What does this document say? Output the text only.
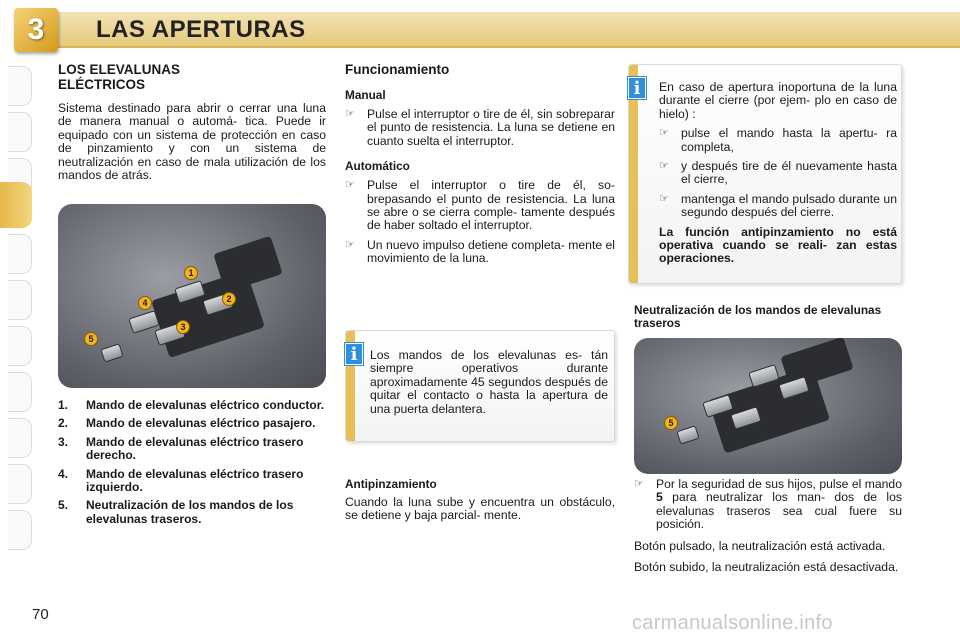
3	LAS APERTURAS
LOS ELEVALUNAS
ELÉCTRICOS

Sistema destinado para abrir o cerrar una luna de manera manual o automá- tica. Puede ir equipado con un sistema de protección en caso de pinzamiento y con un sistema de neutralización en caso de mala utilización de los mandos de atrás.

1
2
3
4
5
1.	Mando de elevalunas eléctrico conductor.
2.	Mando de elevalunas eléctrico pasajero.
3.	Mando de elevalunas eléctrico trasero derecho.
4.	Mando de elevalunas eléctrico trasero izquierdo.
5.	Neutralización de los mandos de los elevalunas traseros.
Funcionamiento
Manual
☞ Pulse el interruptor o tire de él, sin sobreparar el punto de resistencia. La luna se detiene en cuanto suelta el interruptor.
Automático
☞ Pulse el interruptor o tire de él, so- brepasando el punto de resistencia. La luna se abre o se cierra comple- tamente después de haber soltado el interruptor.
☞ Un nuevo impulso detiene completa- mente el movimiento de la luna.

Los mandos de los elevalunas es- tán siempre operativos durante aproximadamente 45 segundos después de quitar el contacto o hasta la apertura de una puerta delantera.

i
Antipinzamiento

Cuando la luna sube y encuentra un obstáculo, se detiene y baja parcial- mente.

En caso de apertura inoportuna de la luna durante el cierre (por ejem- plo en caso de hielo) :

☞ pulse el mando hasta la apertu- ra completa,
☞ y después tire de él nuevamente hasta el cierre,
☞ mantenga el mando pulsado durante un segundo después del cierre.

La función antipinzamiento no está operativa cuando se reali- zan estas operaciones.

i
Neutralización de los mandos de elevalunas traseros
5
☞ Por la seguridad de sus hijos, pulse el mando 5 para neutralizar los man- dos de los elevalunas traseros sea cual fuere su posición.

Botón pulsado, la neutralización está activada.

Botón subido, la neutralización está desactivada.

70	carmanualsonline.info
